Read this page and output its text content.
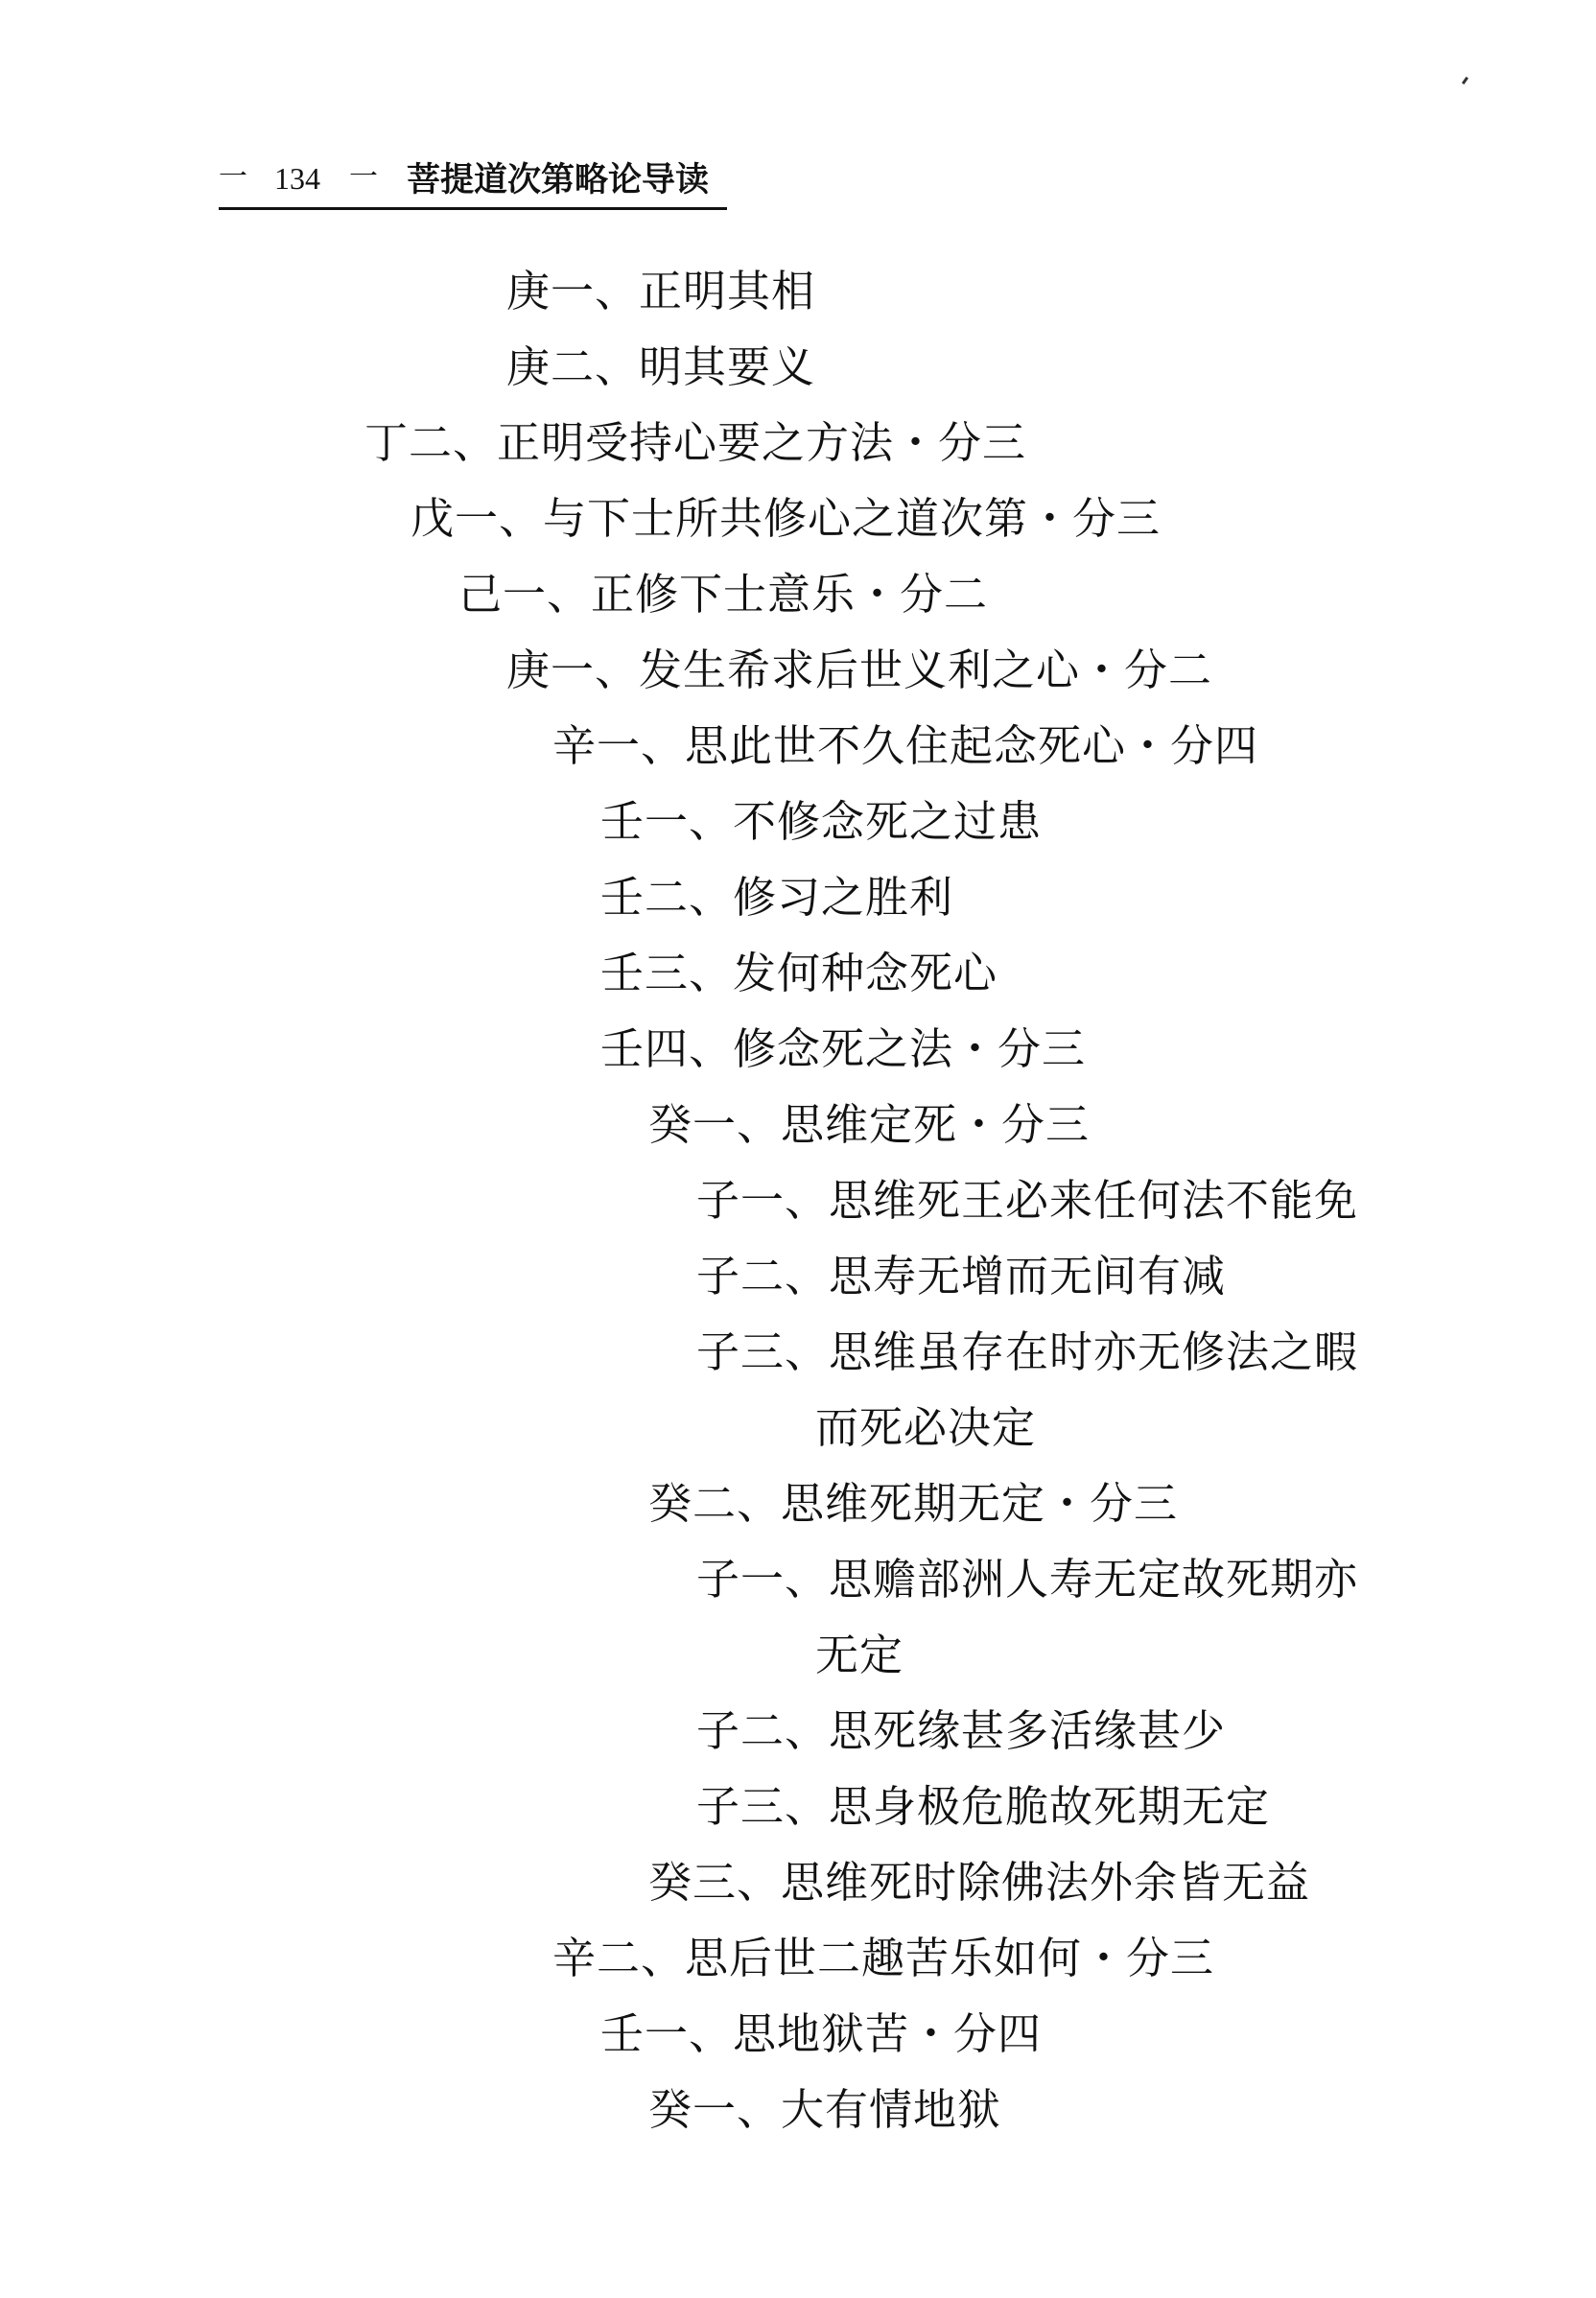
一 134 一 菩提道次第略论导读
庚一、正明其相
庚二、明其要义
丁二、正明受持心要之方法・分三
戊一、与下士所共修心之道次第・分三
己一、正修下士意乐・分二
庚一、发生希求后世义利之心・分二
辛一、思此世不久住起念死心・分四
壬一、不修念死之过患
壬二、修习之胜利
壬三、发何种念死心
壬四、修念死之法・分三
癸一、思维定死・分三
子一、思维死王必来任何法不能免
子二、思寿无增而无间有减
子三、思维虽存在时亦无修法之暇
而死必决定
癸二、思维死期无定・分三
子一、思赡部洲人寿无定故死期亦
无定
子二、思死缘甚多活缘甚少
子三、思身极危脆故死期无定
癸三、思维死时除佛法外余皆无益
辛二、思后世二趣苦乐如何・分三
壬一、思地狱苦・分四
癸一、大有情地狱
